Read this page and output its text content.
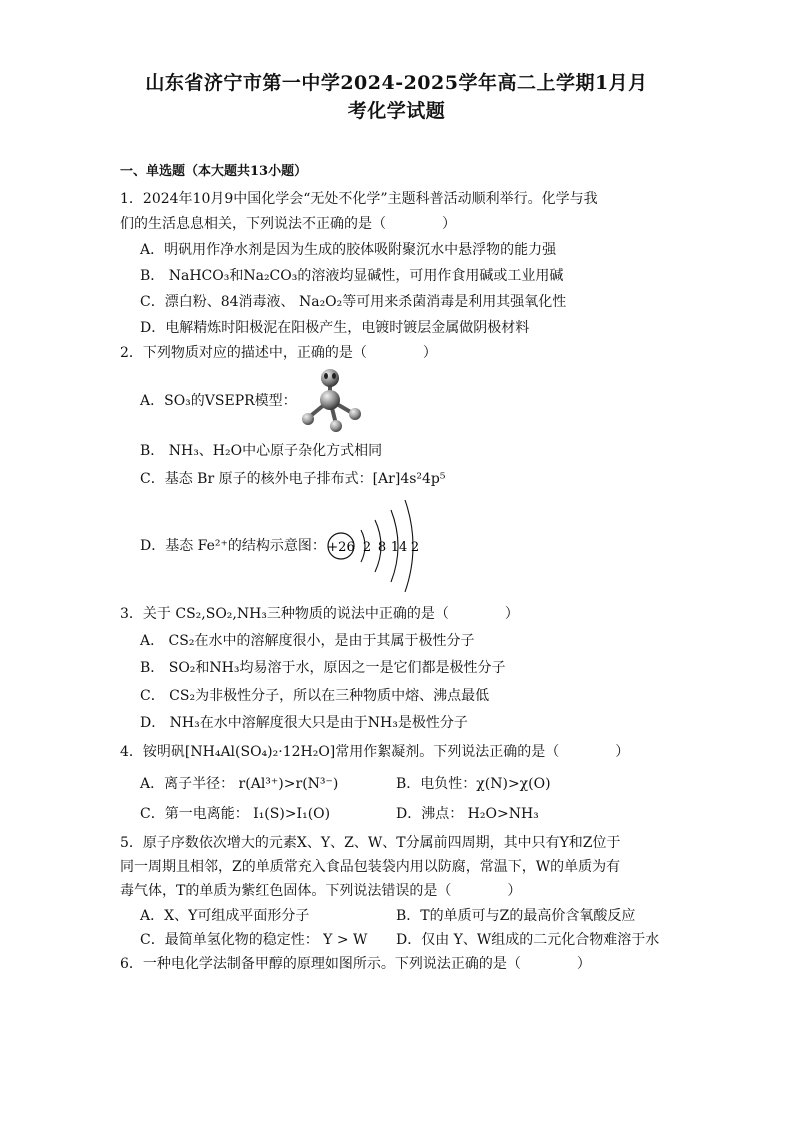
山东省济宁市第一中学2024-2025学年高二上学期1月月
考化学试题
一、单选题（本大题共13小题）
1．2024年10月9中国化学会“无处不化学”主题科普活动顺利举行。化学与我
们的生活息息相关，下列说法不正确的是（　　　　）
A．明矾用作净水剂是因为生成的胶体吸附聚沉水中悬浮物的能力强
B． NaHCO₃和Na₂CO₃的溶液均显碱性，可用作食用碱或工业用碱
C．漂白粉、84消毒液、 Na₂O₂等可用来杀菌消毒是利用其强氧化性
D．电解精炼时阳极泥在阳极产生，电镀时镀层金属做阴极材料
2．下列物质对应的描述中，正确的是（　　　　）
A．SO₃的VSEPR模型：
B． NH₃、H₂O中心原子杂化方式相同
C．基态 Br 原子的核外电子排布式：[Ar]4s²4p⁵
D．基态 Fe²⁺的结构示意图： +26 2 8 14 2
3．关于 CS₂,SO₂,NH₃三种物质的说法中正确的是（　　　　）
A． CS₂在水中的溶解度很小，是由于其属于极性分子
B． SO₂和NH₃均易溶于水，原因之一是它们都是极性分子
C． CS₂为非极性分子，所以在三种物质中熔、沸点最低
D． NH₃在水中溶解度很大只是由于NH₃是极性分子
4．铵明矾[NH₄Al(SO₄)₂·12H₂O]常用作絮凝剂。下列说法正确的是（　　　　）
A．离子半径： r(Al³⁺)>r(N³⁻)	B．电负性：χ(N)>χ(O)
C．第一电离能： I₁(S)>I₁(O)	D．沸点： H₂O>NH₃
5．原子序数依次增大的元素X、Y、Z、W、T分属前四周期，其中只有Y和Z位于
同一周期且相邻，Z的单质常充入食品包装袋内用以防腐，常温下，W的单质为有
毒气体，T的单质为紫红色固体。下列说法错误的是（　　　　）
A．X、Y可组成平面形分子	B．T的单质可与Z的最高价含氧酸反应
C．最简单氢化物的稳定性： Y > W D．仅由 Y、W组成的二元化合物难溶于水
6．一种电化学法制备甲醇的原理如图所示。下列说法正确的是（　　　　）
